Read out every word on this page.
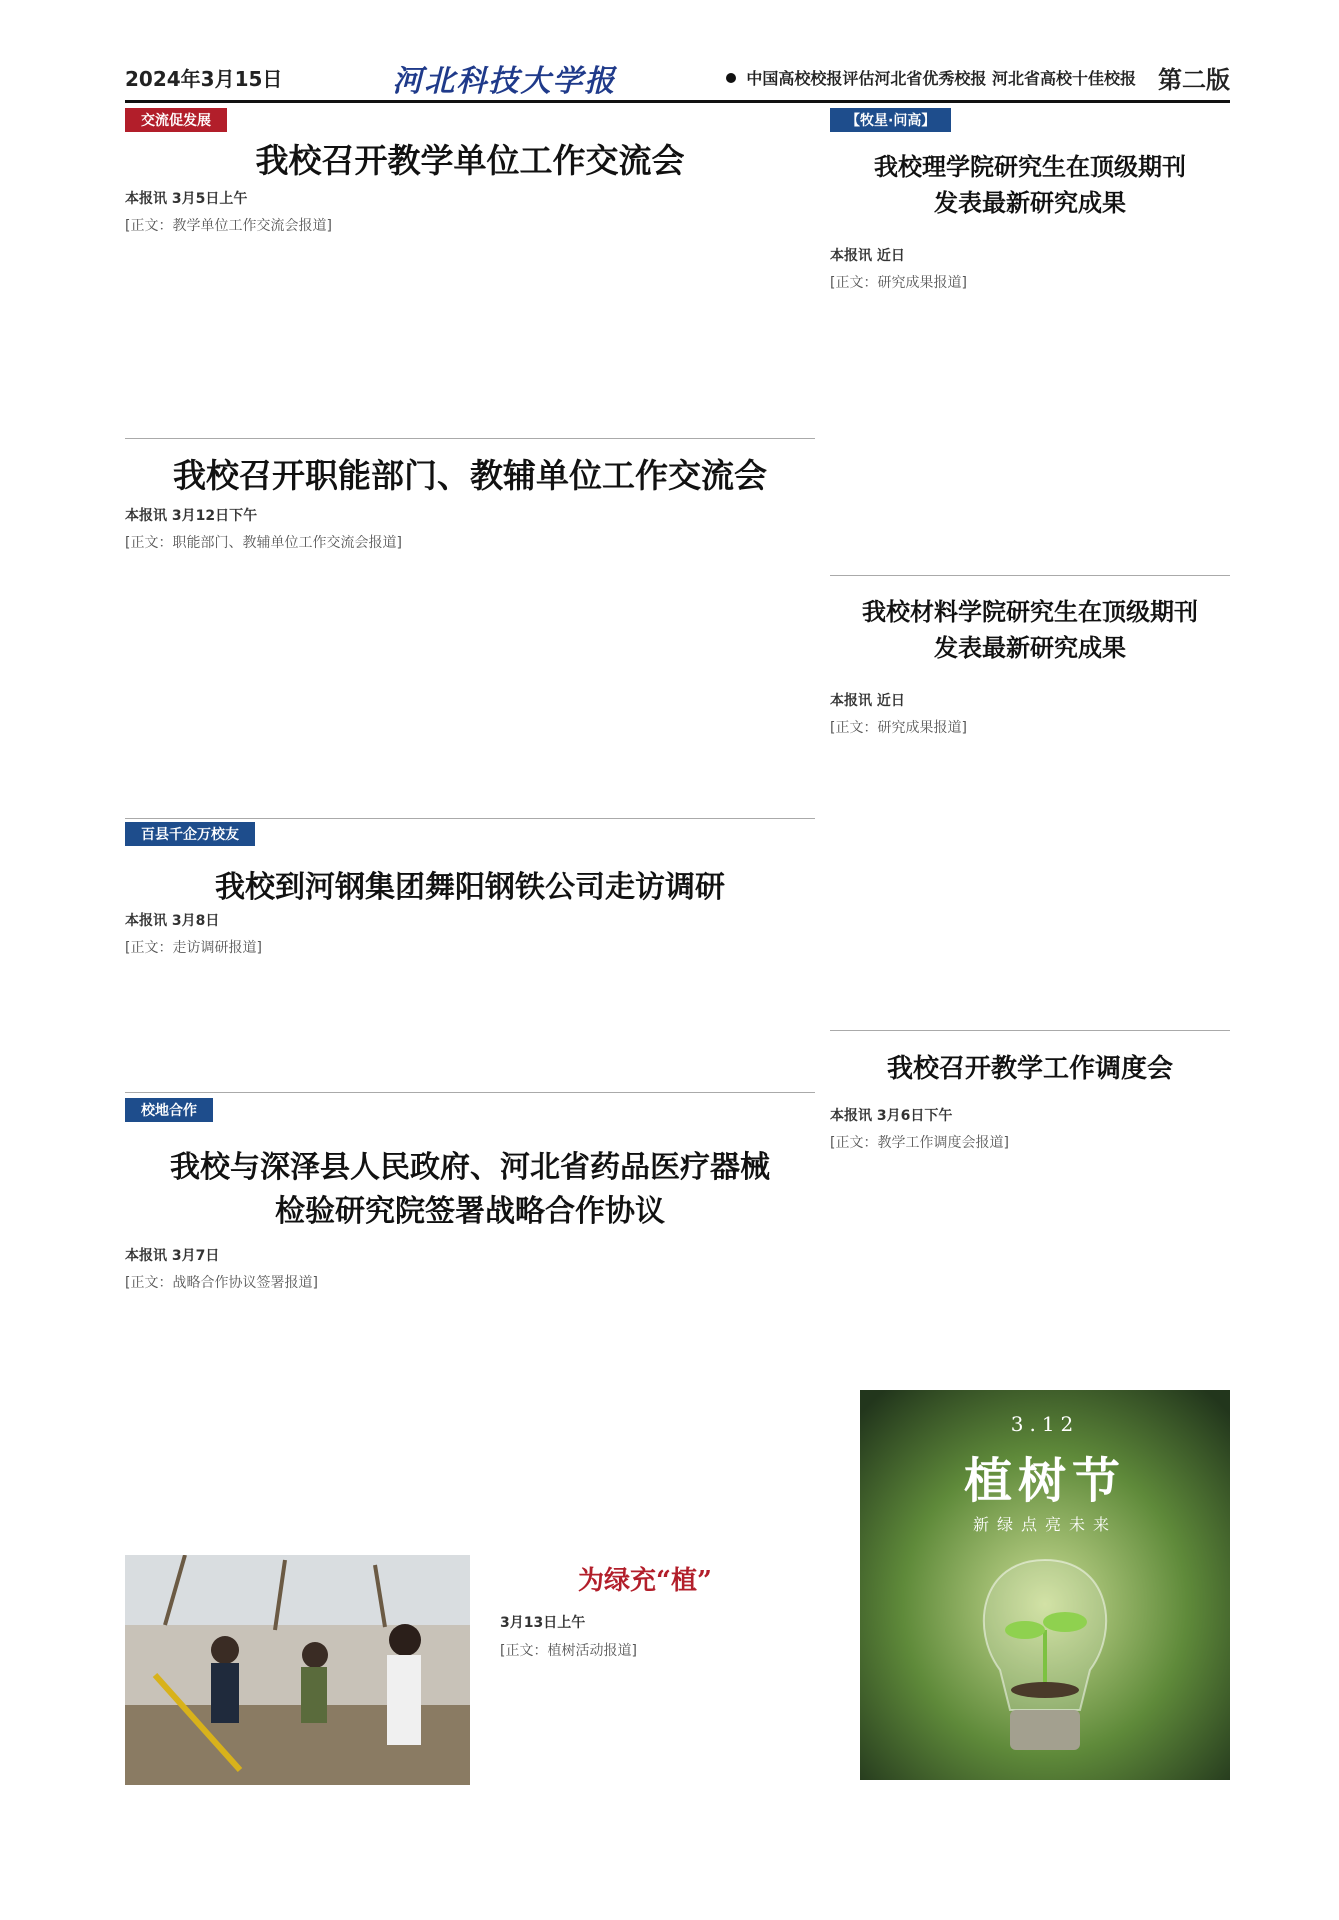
2024年3月15日	河北科技大学报	中国高校校报评估河北省优秀校报 河北省高校十佳校报 第二版
交流促发展
我校召开教学单位工作交流会
本报讯 3月5日上午
[正文：教学单位工作交流会报道]
我校召开职能部门、教辅单位工作交流会
本报讯 3月12日下午
[正文：职能部门、教辅单位工作交流会报道]
百县千企万校友
我校到河钢集团舞阳钢铁公司走访调研
本报讯 3月8日
[正文：走访调研报道]
校地合作
我校与深泽县人民政府、河北省药品医疗器械
检验研究院签署战略合作协议
本报讯 3月7日
[正文：战略合作协议签署报道]
为绿充“植”
3月13日上午
[正文：植树活动报道]
【牧星·问高】
我校理学院研究生在顶级期刊
发表最新研究成果
本报讯 近日
[正文：研究成果报道]
我校材料学院研究生在顶级期刊
发表最新研究成果
本报讯 近日
[正文：研究成果报道]
我校召开教学工作调度会
本报讯 3月6日下午
[正文：教学工作调度会报道]
3.12
植树节
新绿点亮未来
